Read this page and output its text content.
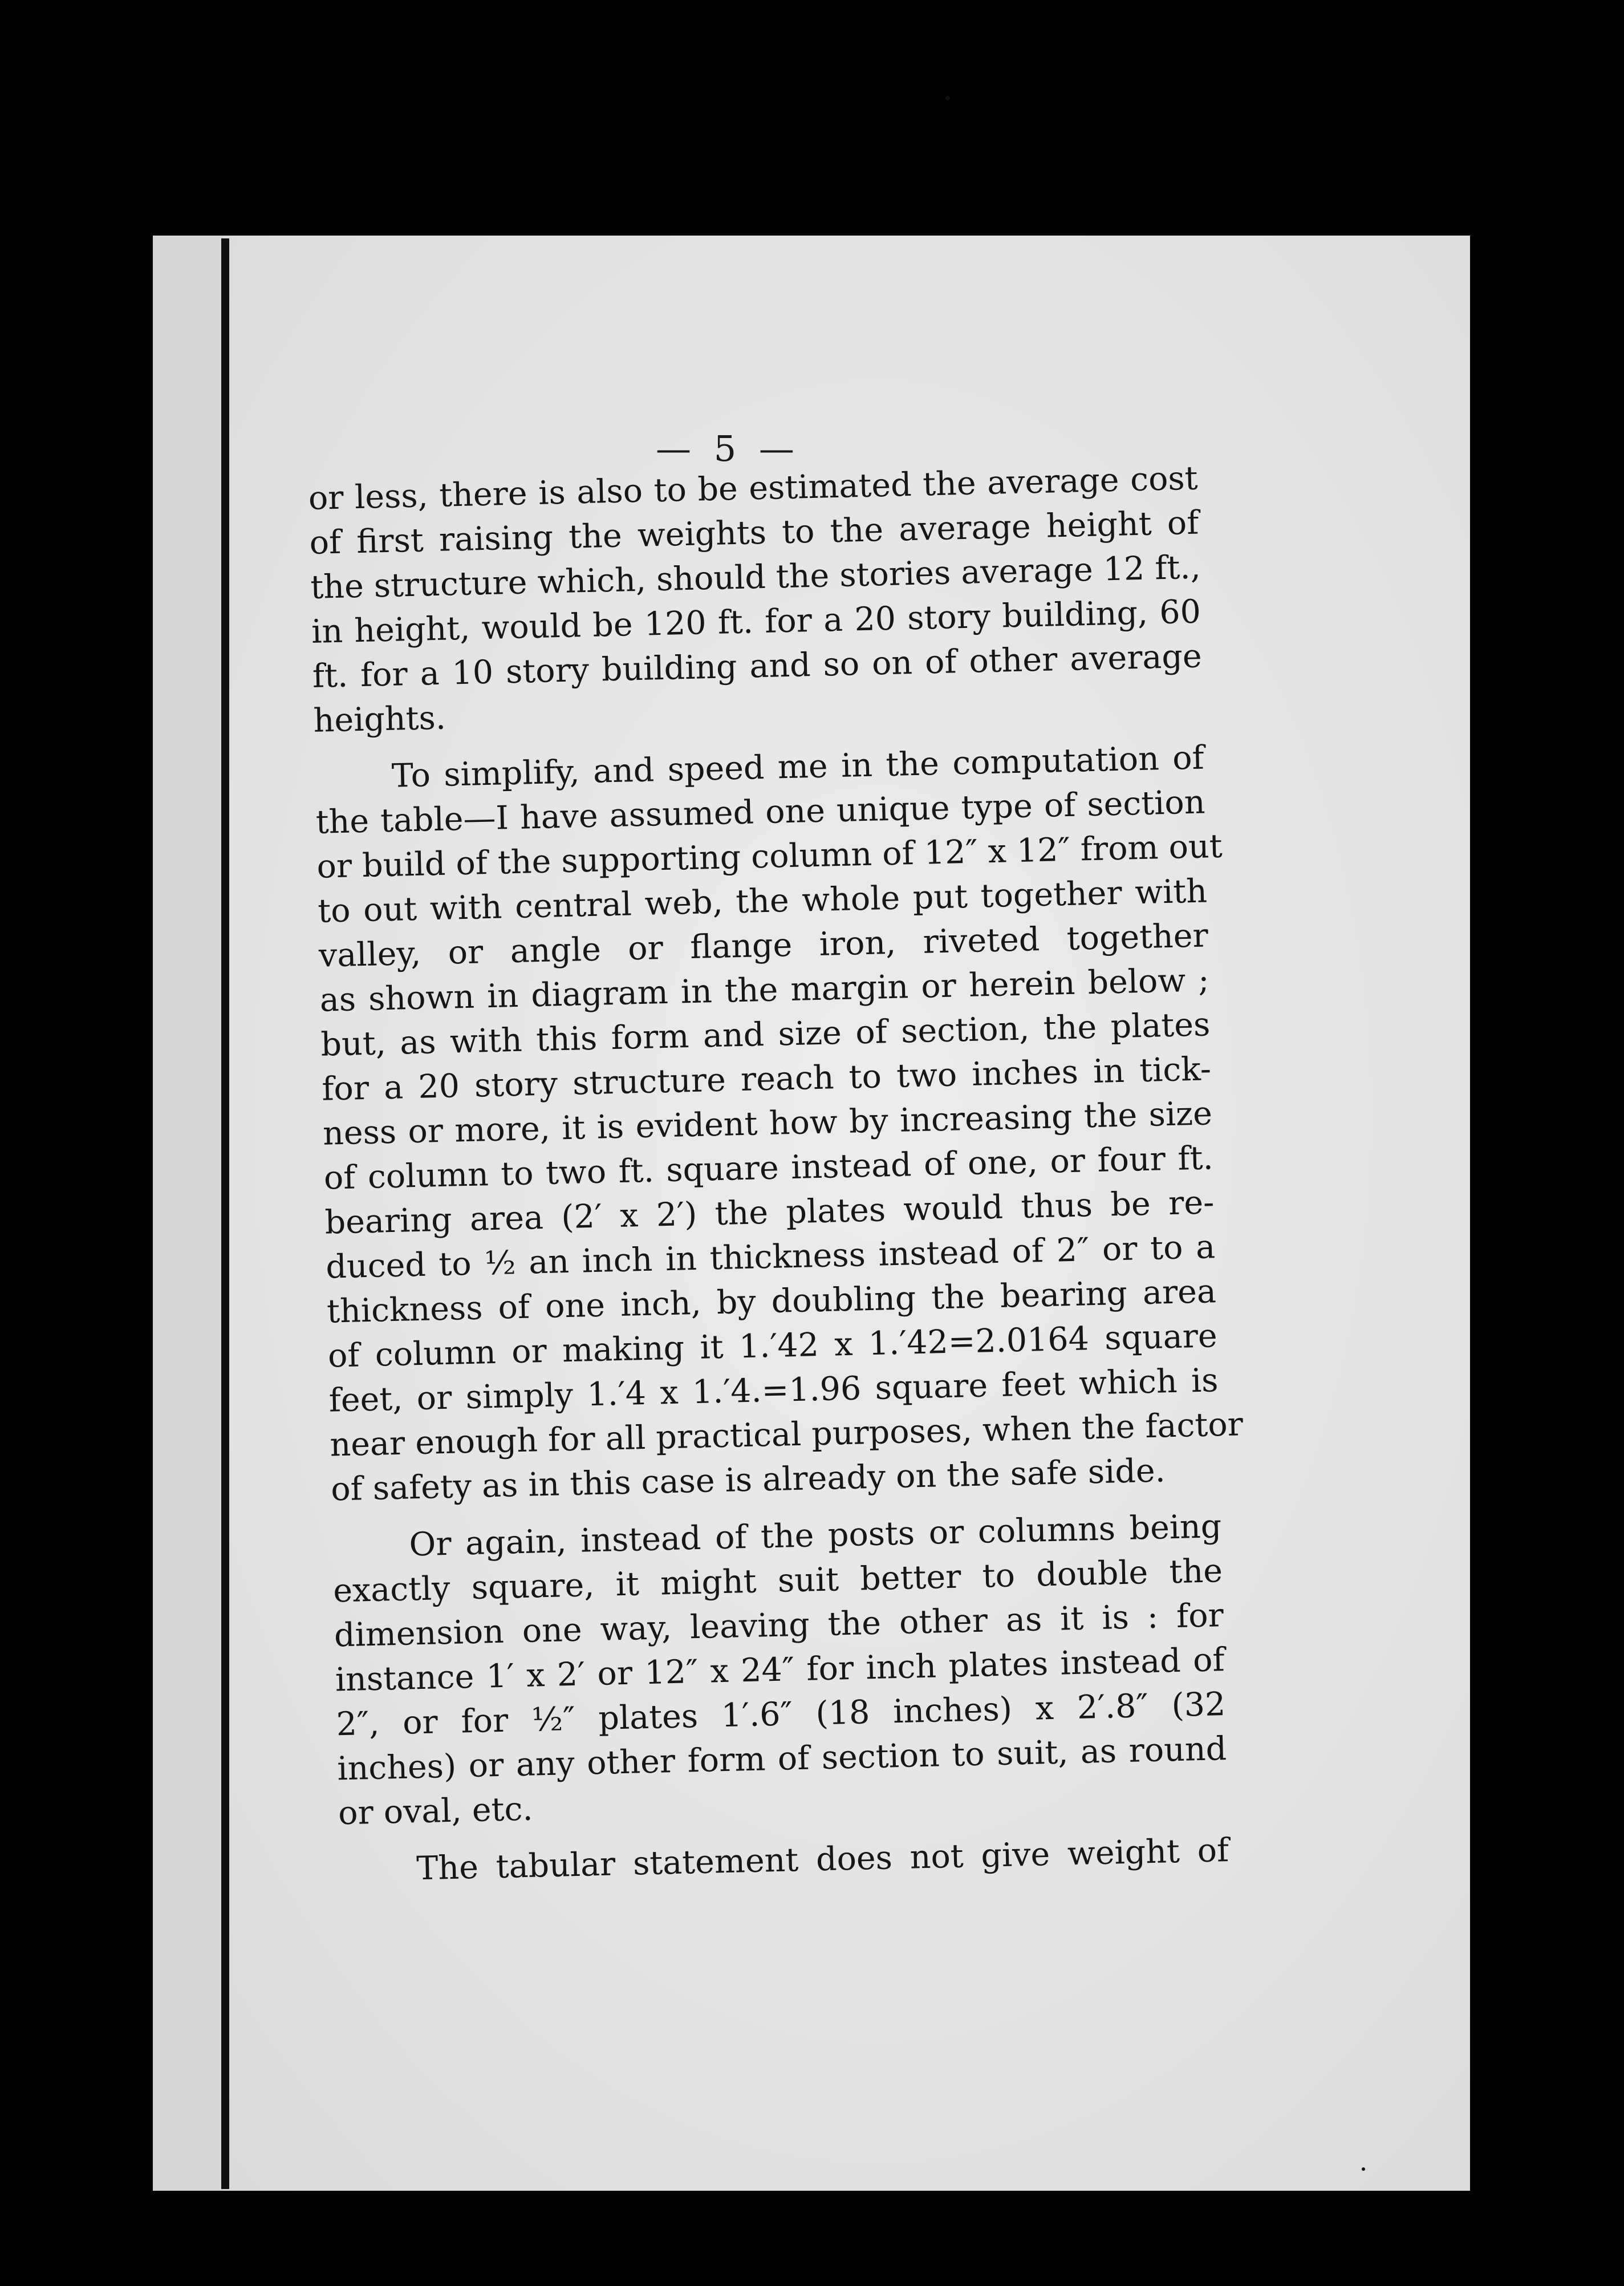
— 5 —
or less, there is also to be estimated the average cost
of first raising the weights to the average height of
the structure which, should the stories average 12 ft.,
in height, would be 120 ft. for a 20 story building, 60
ft. for a 10 story building and so on of other average
heights.
To simplify, and speed me in the computation of
the table—I have assumed one unique type of section
or build of the supporting column of 12″ x 12″ from out
to out with central web, the whole put together with
valley, or angle or flange iron, riveted together
as shown in diagram in the margin or herein below ;
but, as with this form and size of section, the plates
for a 20 story structure reach to two inches in tick-
ness or more, it is evident how by increasing the size
of column to two ft. square instead of one, or four ft.
bearing area (2′ x 2′) the plates would thus be re-
duced to ½ an inch in thickness instead of 2″ or to a
thickness of one inch, by doubling the bearing area
of column or making it 1.′42 x 1.′42=2.0164 square
feet, or simply 1.′4 x 1.′4.=1.96 square feet which is
near enough for all practical purposes, when the factor
of safety as in this case is already on the safe side.
Or again, instead of the posts or columns being
exactly square, it might suit better to double the
dimension one way, leaving the other as it is : for
instance 1′ x 2′ or 12″ x 24″ for inch plates instead of
2″, or for ½″ plates 1′.6″ (18 inches) x 2′.8″ (32
inches) or any other form of section to suit, as round
or oval, etc.
The tabular statement does not give weight of
